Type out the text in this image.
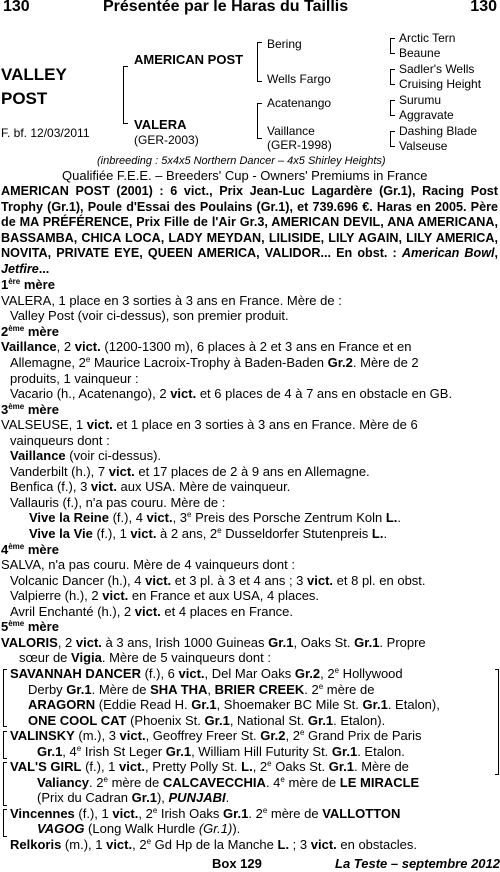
130	Présentée par le Haras du Taillis	130
VALLEY
POST
F. bf. 12/03/2011
AMERICAN POST
VALERA
(GER-2003)
Bering
Wells Fargo
Acatenango
Vaillance
(GER-1998)
Arctic Tern
Beaune
Sadler's Wells
Cruising Height
Surumu
Aggravate
Dashing Blade
Valseuse
(inbreeding : 5x4x5 Northern Dancer – 4x5 Shirley Heights)
Qualifiée F.E.E. – Breeders' Cup - Owners' Premiums in France

AMERICAN POST (2001) : 6 vict., Prix Jean-Luc Lagardère (Gr.1), Racing Post Trophy (Gr.1), Poule d'Essai des Poulains (Gr.1), et 739.696 €. Haras en 2005. Père de MA PRÉFÉRENCE, Prix Fille de l'Air Gr.3, AMERICAN DEVIL, ANA AMERICANA, BASSAMBA, CHICA LOCA, LADY MEYDAN, LILISIDE, LILY AGAIN, LILY AMERICA, NOVITA, PRIVATE EYE, QUEEN AMERICA, VALIDOR... En obst. : American Bowl, Jetfire...

1ère mère

VALERA, 1 place en 3 sorties à 3 ans en France. Mère de :

Valley Post (voir ci-dessus), son premier produit.

2ème mère

Vaillance, 2 vict. (1200-1300 m), 6 places à 2 et 3 ans en France et en

Allemagne, 2e Maurice Lacroix-Trophy à Baden-Baden Gr.2. Mère de 2

produits, 1 vainqueur :

Vacario (h., Acatenango), 2 vict. et 6 places de 4 à 7 ans en obstacle en GB.

3ème mère

VALSEUSE, 1 vict. et 1 place en 3 sorties à 3 ans en France. Mère de 6

vainqueurs dont :

Vaillance (voir ci-dessus).

Vanderbilt (h.), 7 vict. et 17 places de 2 à 9 ans en Allemagne.

Benfica (f.), 3 vict. aux USA. Mère de vainqueur.

Vallauris (f.), n'a pas couru. Mère de :

Vive la Reine (f.), 4 vict., 3e Preis des Porsche Zentrum Koln L..

Vive la Vie (f.), 1 vict. à 2 ans, 2e Dusseldorfer Stutenpreis L..

4ème mère

SALVA, n'a pas couru. Mère de 4 vainqueurs dont :

Volcanic Dancer (h.), 4 vict. et 3 pl. à 3 et 4 ans ; 3 vict. et 8 pl. en obst.

Valpierre (h.), 2 vict. en France et aux USA, 4 places.

Avril Enchanté (h.), 2 vict. et 4 places en France.

5ème mère

VALORIS, 2 vict. à 3 ans, Irish 1000 Guineas Gr.1, Oaks St. Gr.1. Propre

sœur de Vigia. Mère de 5 vainqueurs dont :

SAVANNAH DANCER (f.), 6 vict., Del Mar Oaks Gr.2, 2e Hollywood

Derby Gr.1. Mère de SHA THA, BRIER CREEK. 2e mère de

ARAGORN (Eddie Read H. Gr.1, Shoemaker BC Mile St. Gr.1. Etalon),

ONE COOL CAT (Phoenix St. Gr.1, National St. Gr.1. Etalon).

VALINSKY (m.), 3 vict., Geoffrey Freer St. Gr.2, 2e Grand Prix de Paris

Gr.1, 4e Irish St Leger Gr.1, William Hill Futurity St. Gr.1. Etalon.

VAL'S GIRL (f.), 1 vict., Pretty Polly St. L., 2e Oaks St. Gr.1. Mère de

Valiancy. 2e mère de CALCAVECCHIA. 4e mère de LE MIRACLE

(Prix du Cadran Gr.1), PUNJABI.

Vincennes (f.), 1 vict., 2e Irish Oaks Gr.1. 2e mère de VALLOTTON

VAGOG (Long Walk Hurdle (Gr.1)).

Relkoris (m.), 1 vict., 2e Gd Hp de la Manche L. ; 3 vict. en obstacles.

Box 129	La Teste – septembre 2012
